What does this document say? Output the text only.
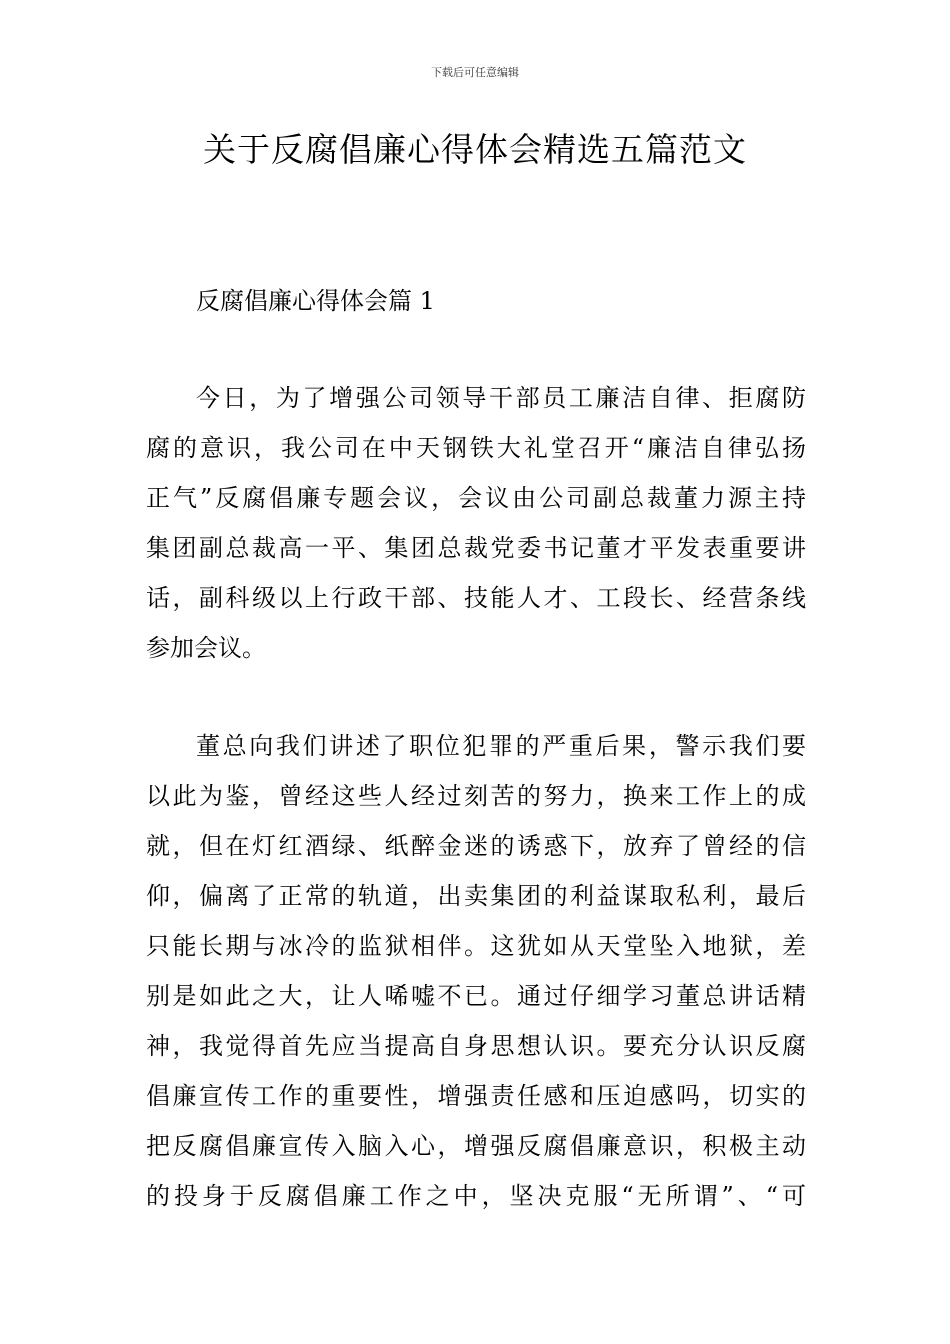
下载后可任意编辑
关于反腐倡廉心得体会精选五篇范文
反腐倡廉心得体会篇 1
今日，为了增强公司领导干部员工廉洁自律、拒腐防
腐的意识，我公司在中天钢铁大礼堂召开“廉洁自律弘扬
正气”反腐倡廉专题会议，会议由公司副总裁董力源主持
集团副总裁高一平、集团总裁党委书记董才平发表重要讲
话，副科级以上行政干部、技能人才、工段长、经营条线
参加会议。
董总向我们讲述了职位犯罪的严重后果，警示我们要
以此为鉴，曾经这些人经过刻苦的努力，换来工作上的成
就，但在灯红酒绿、纸醉金迷的诱惑下，放弃了曾经的信
仰，偏离了正常的轨道，出卖集团的利益谋取私利，最后
只能长期与冰冷的监狱相伴。这犹如从天堂坠入地狱，差
别是如此之大，让人唏嘘不已。通过仔细学习董总讲话精
神，我觉得首先应当提高自身思想认识。要充分认识反腐
倡廉宣传工作的重要性，增强责任感和压迫感吗，切实的
把反腐倡廉宣传入脑入心，增强反腐倡廉意识，积极主动
的投身于反腐倡廉工作之中，坚决克服“无所谓”、“可
